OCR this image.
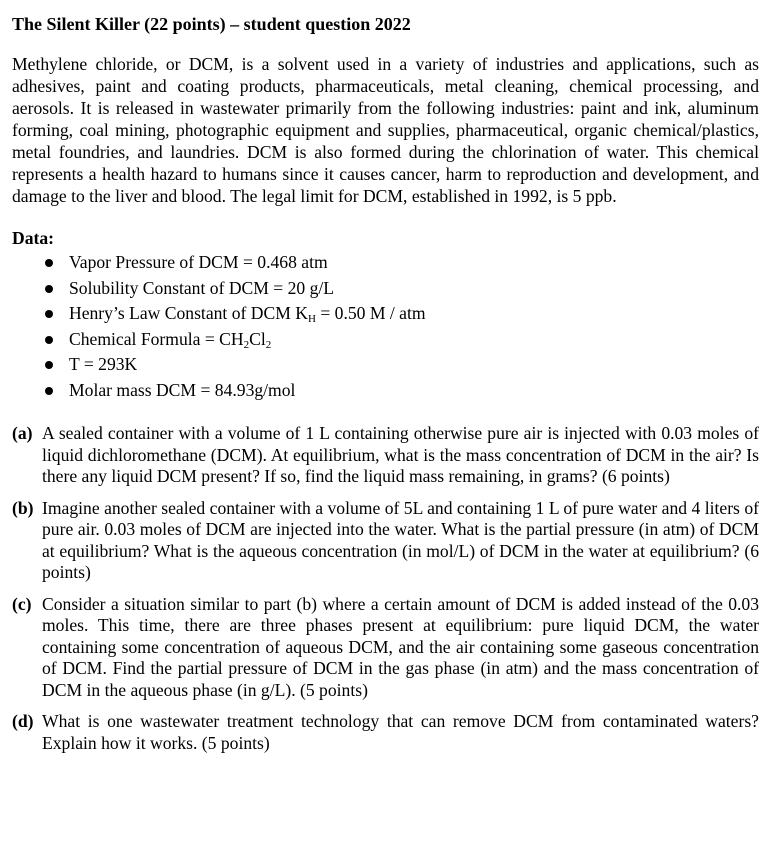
The Silent Killer (22 points) – student question 2022

Methylene chloride, or DCM, is a solvent used in a variety of industries and applications, such as adhesives, paint and coating products, pharmaceuticals, metal cleaning, chemical processing, and aerosols. It is released in wastewater primarily from the following industries: paint and ink, aluminum forming, coal mining, photographic equipment and supplies, pharmaceutical, organic chemical/plastics, metal foundries, and laundries. DCM is also formed during the chlorination of water. This chemical represents a health hazard to humans since it causes cancer, harm to reproduction and development, and damage to the liver and blood. The legal limit for DCM, established in 1992, is 5 ppb.

Data:
Vapor Pressure of DCM = 0.468 atm
Solubility Constant of DCM = 20 g/L
Henry’s Law Constant of DCM $K_H = 0.50$ M / atm
Chemical Formula = $CH_2Cl_2$
T = 293K
Molar mass DCM = 84.93g/mol
(a) A sealed container with a volume of 1 L containing otherwise pure air is injected with 0.03 moles of liquid dichloromethane (DCM). At equilibrium, what is the mass concentration of DCM in the air? Is there any liquid DCM present? If so, find the liquid mass remaining, in grams? (6 points)
(b) Imagine another sealed container with a volume of 5L and containing 1 L of pure water and 4 liters of pure air. 0.03 moles of DCM are injected into the water. What is the partial pressure (in atm) of DCM at equilibrium? What is the aqueous concentration (in mol/L) of DCM in the water at equilibrium? (6 points)
(c) Consider a situation similar to part (b) where a certain amount of DCM is added instead of the 0.03 moles. This time, there are three phases present at equilibrium: pure liquid DCM, the water containing some concentration of aqueous DCM, and the air containing some gaseous concentration of DCM. Find the partial pressure of DCM in the gas phase (in atm) and the mass concentration of DCM in the aqueous phase (in g/L). (5 points)
(d) What is one wastewater treatment technology that can remove DCM from contaminated waters? Explain how it works. (5 points)
